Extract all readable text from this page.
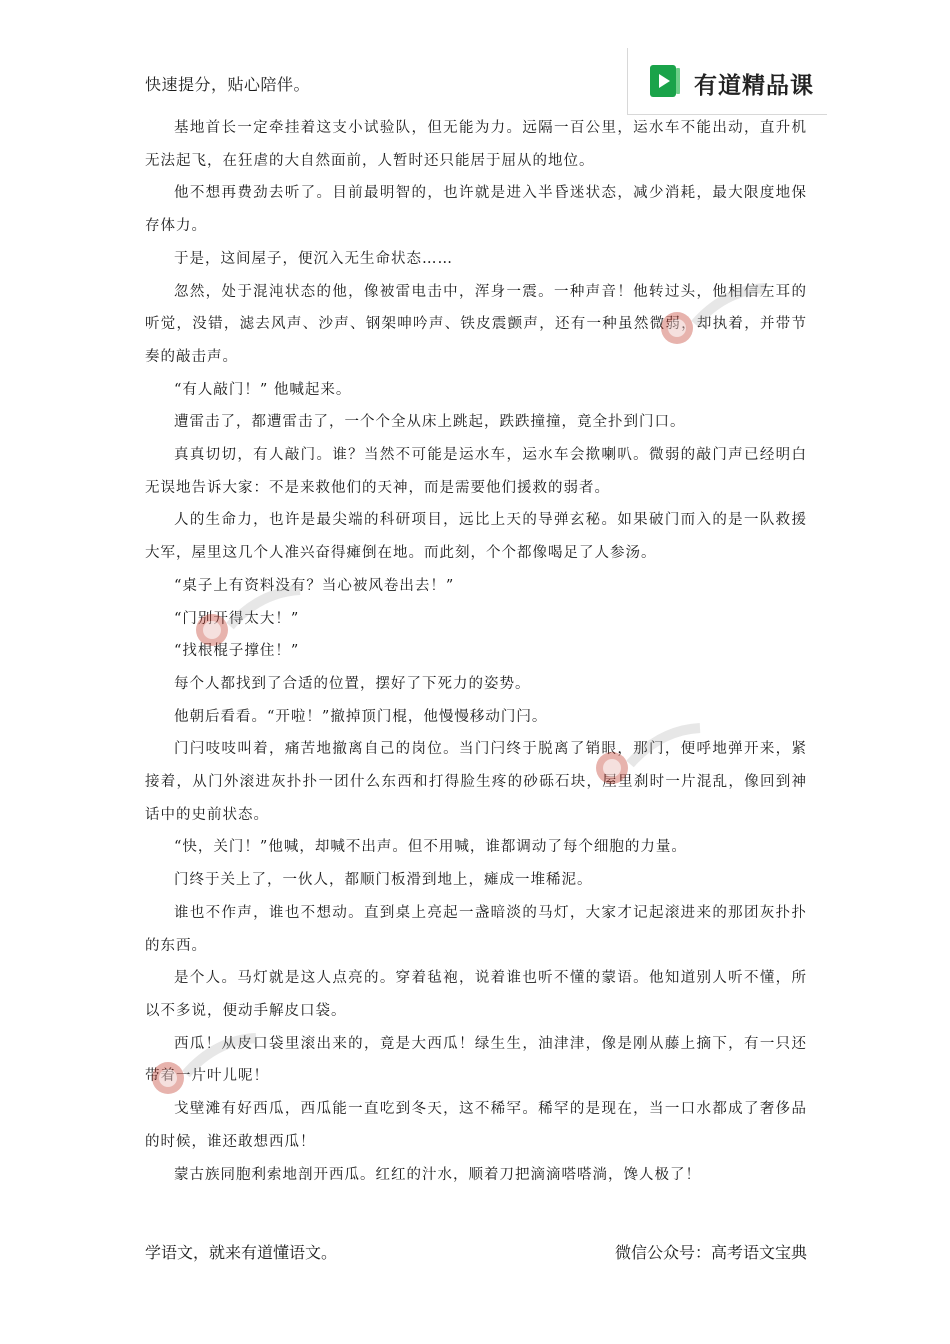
快速提分，贴心陪伴。	有道精品课

基地首长一定牵挂着这支小试验队，但无能为力。远隔一百公里，运水车不能出动，直升机无法起飞，在狂虐的大自然面前，人暂时还只能居于屈从的地位。

他不想再费劲去听了。目前最明智的，也许就是进入半昏迷状态，减少消耗，最大限度地保存体力。

于是，这间屋子，便沉入无生命状态……

忽然，处于混沌状态的他，像被雷电击中，浑身一震。一种声音！他转过头，他相信左耳的听觉，没错，滤去风声、沙声、钢架呻吟声、铁皮震颤声，还有一种虽然微弱，却执着，并带节奏的敲击声。

“有人敲门！” 他喊起来。

遭雷击了，都遭雷击了，一个个全从床上跳起，跌跌撞撞，竟全扑到门口。

真真切切，有人敲门。谁？当然不可能是运水车，运水车会揿喇叭。微弱的敲门声已经明白无误地告诉大家：不是来救他们的天神，而是需要他们援救的弱者。

人的生命力，也许是最尖端的科研项目，远比上天的导弹玄秘。如果破门而入的是一队救援大军，屋里这几个人准兴奋得瘫倒在地。而此刻，个个都像喝足了人参汤。

“桌子上有资料没有？当心被风卷出去！”

“门别开得太大！”

“找根棍子撑住！”

每个人都找到了合适的位置，摆好了下死力的姿势。

他朝后看看。“开啦！”撤掉顶门棍，他慢慢移动门闩。

门闩吱吱叫着，痛苦地撤离自己的岗位。当门闩终于脱离了销眼，那门，便呼地弹开来，紧接着，从门外滚进灰扑扑一团什么东西和打得脸生疼的砂砾石块，屋里刹时一片混乱，像回到神话中的史前状态。

“快，关门！”他喊，却喊不出声。但不用喊，谁都调动了每个细胞的力量。

门终于关上了，一伙人，都顺门板滑到地上，瘫成一堆稀泥。

谁也不作声，谁也不想动。直到桌上亮起一盏暗淡的马灯，大家才记起滚进来的那团灰扑扑的东西。

是个人。马灯就是这人点亮的。穿着毡袍，说着谁也听不懂的蒙语。他知道别人听不懂，所以不多说，便动手解皮口袋。

西瓜！从皮口袋里滚出来的，竟是大西瓜！绿生生，油津津，像是刚从藤上摘下，有一只还带着一片叶儿呢！

戈壁滩有好西瓜，西瓜能一直吃到冬天，这不稀罕。稀罕的是现在，当一口水都成了奢侈品的时候，谁还敢想西瓜！

蒙古族同胞利索地剖开西瓜。红红的汁水，顺着刀把滴滴嗒嗒淌，馋人极了！

学语文，就来有道懂语文。	微信公众号：高考语文宝典
